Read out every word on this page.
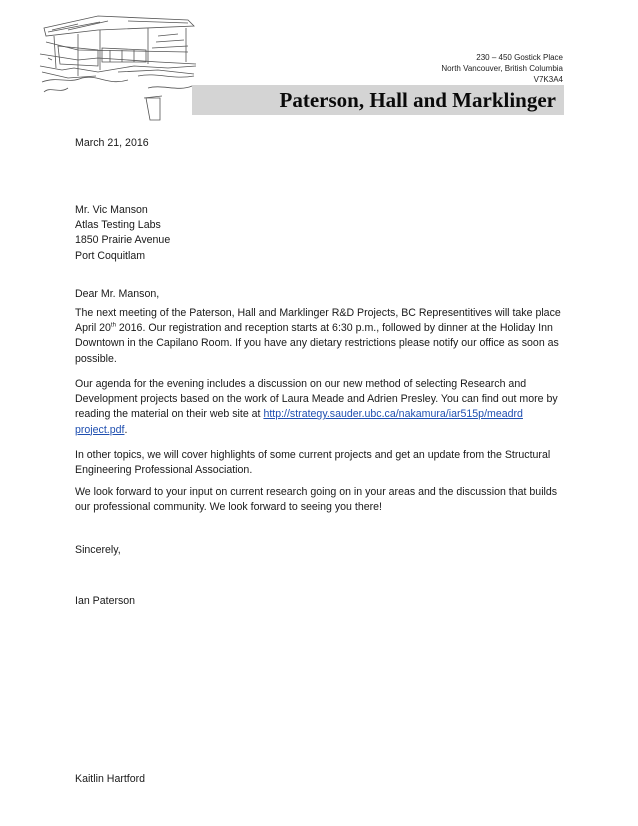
230 – 450 Gostick Place
North Vancouver, British Columbia
V7K3A4
Paterson, Hall and Marklinger
March 21, 2016
Mr. Vic Manson
Atlas Testing Labs
1850 Prairie Avenue
Port Coquitlam
Dear Mr. Manson,

The next meeting of the Paterson, Hall and Marklinger R&D Projects, BC Representitives will take place April 20th 2016. Our registration and reception starts at 6:30 p.m., followed by dinner at the Holiday Inn Downtown in the Capilano Room. If you have any dietary restrictions please notify our office as soon as possible.

Our agenda for the evening includes a discussion on our new method of selecting Research and Development projects based on the work of Laura Meade and Adrien Presley. You can find out more by reading the material on their web site at http://strategy.sauder.ubc.ca/nakamura/iar515p/meadrd project.pdf.

In other topics, we will cover highlights of some current projects and get an update from the Structural Engineering Professional Association.

We look forward to your input on current research going on in your areas and the discussion that builds our professional community. We look forward to seeing you there!

Sincerely,
Ian Paterson
Kaitlin Hartford
